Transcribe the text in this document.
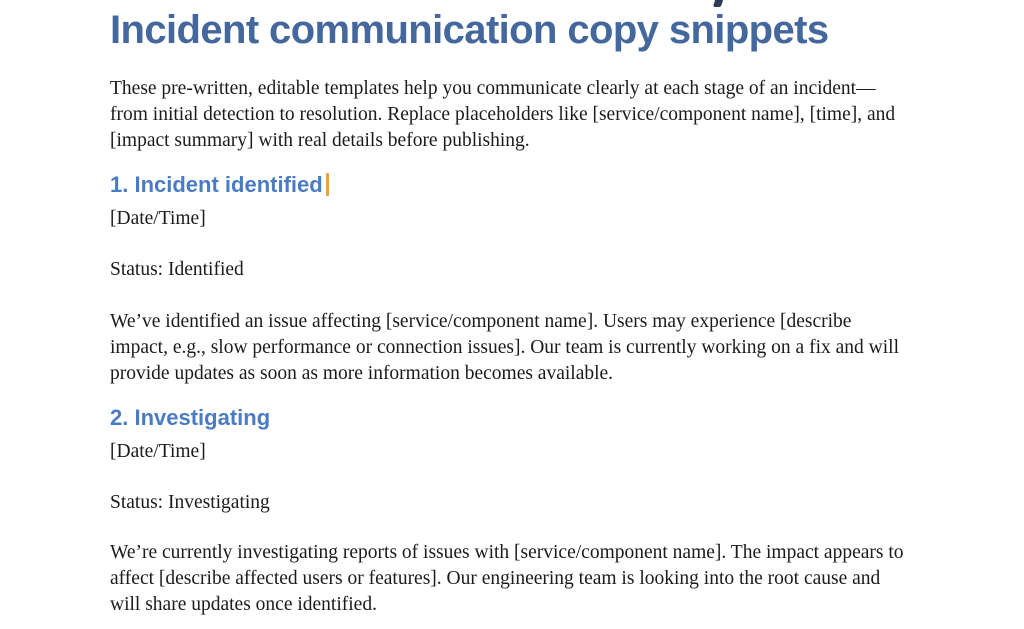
Incident communication copy snippets

These pre-written, editable templates help you communicate clearly at each stage of an incident—from initial detection to resolution. Replace placeholders like [service/component name], [time], and [impact summary] with real details before publishing.

1. Incident identified

[Date/Time]

Status: Identified

We’ve identified an issue affecting [service/component name]. Users may experience [describe impact, e.g., slow performance or connection issues]. Our team is currently working on a fix and will provide updates as soon as more information becomes available.

2. Investigating

[Date/Time]

Status: Investigating

We’re currently investigating reports of issues with [service/component name]. The impact appears to affect [describe affected users or features]. Our engineering team is looking into the root cause and will share updates once identified.
